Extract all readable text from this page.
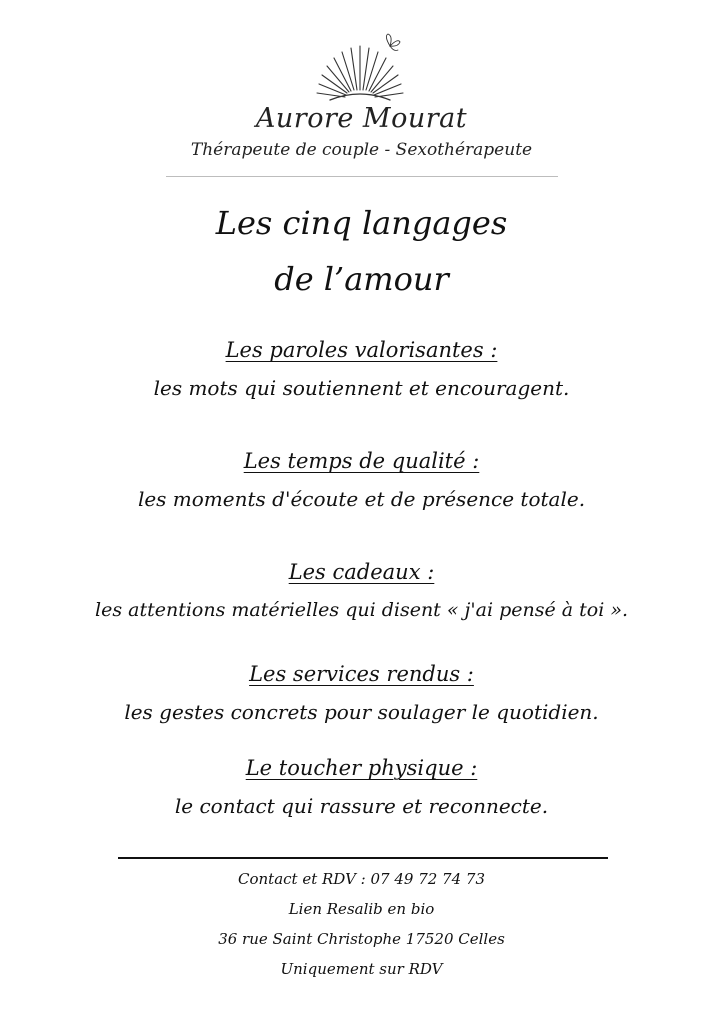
Aurore Mourat
Thérapeute de couple - Sexothérapeute
Les cinq langages
de l’amour
Les paroles valorisantes :
les mots qui soutiennent et encouragent.
Les temps de qualité :
les moments d'écoute et de présence totale.
Les cadeaux :
les attentions matérielles qui disent « j'ai pensé à toi ».
Les services rendus :
les gestes concrets pour soulager le quotidien.
Le toucher physique :
le contact qui rassure et reconnecte.
Contact et RDV : 07 49 72 74 73
Lien Resalib en bio
36 rue Saint Christophe 17520 Celles
Uniquement sur RDV
